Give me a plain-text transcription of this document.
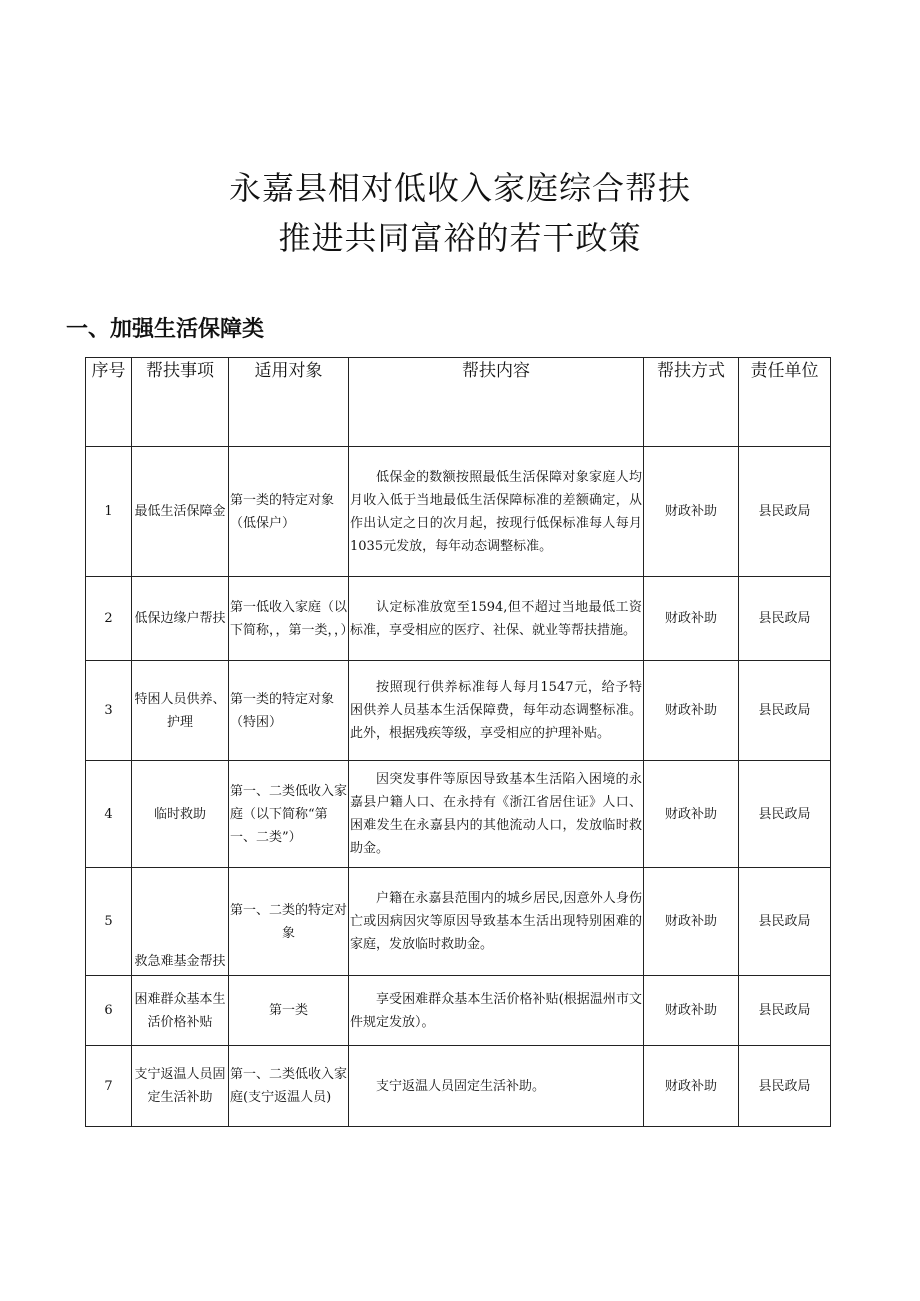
永嘉县相对低收入家庭综合帮扶
推进共同富裕的若干政策
一、加强生活保障类
序号	帮扶事项	适用对象	帮扶内容	帮扶方式	责任单位
1	最低生活保障金	第一类的特定对象（低保户）	低保金的数额按照最低生活保障对象家庭人均月收入低于当地最低生活保障标准的差额确定，从作出认定之日的次月起，按现行低保标准每人每月1035元发放，每年动态调整标准。	财政补助	县民政局
2	低保边缘户帮扶	第一低收入家庭（以下简称，，第一类，，）	认定标准放宽至1594,但不超过当地最低工资标准，享受相应的医疗、社保、就业等帮扶措施。	财政补助	县民政局
3	特困人员供养、护理	第一类的特定对象（特困）	按照现行供养标准每人每月1547元，给予特困供养人员基本生活保障费，每年动态调整标准。此外，根据残疾等级，享受相应的护理补贴。	财政补助	县民政局
4	临时救助	第一、二类低收入家庭（以下简称“第一、二类”）	因突发事件等原因导致基本生活陷入困境的永嘉县户籍人口、在永持有《浙江省居住证》人口、困难发生在永嘉县内的其他流动人口，发放临时救助金。	财政补助	县民政局
5	救急难基金帮扶	第一、二类的特定对象	户籍在永嘉县范围内的城乡居民,因意外人身伤亡或因病因灾等原因导致基本生活出现特别困难的家庭，发放临时救助金。	财政补助	县民政局
6	困难群众基本生活价格补贴	第一类	享受困难群众基本生活价格补贴(根据温州市文件规定发放）。	财政补助	县民政局
7	支宁返温人员固定生活补助	第一、二类低收入家庭(支宁返温人员)	支宁返温人员固定生活补助。	财政补助	县民政局
